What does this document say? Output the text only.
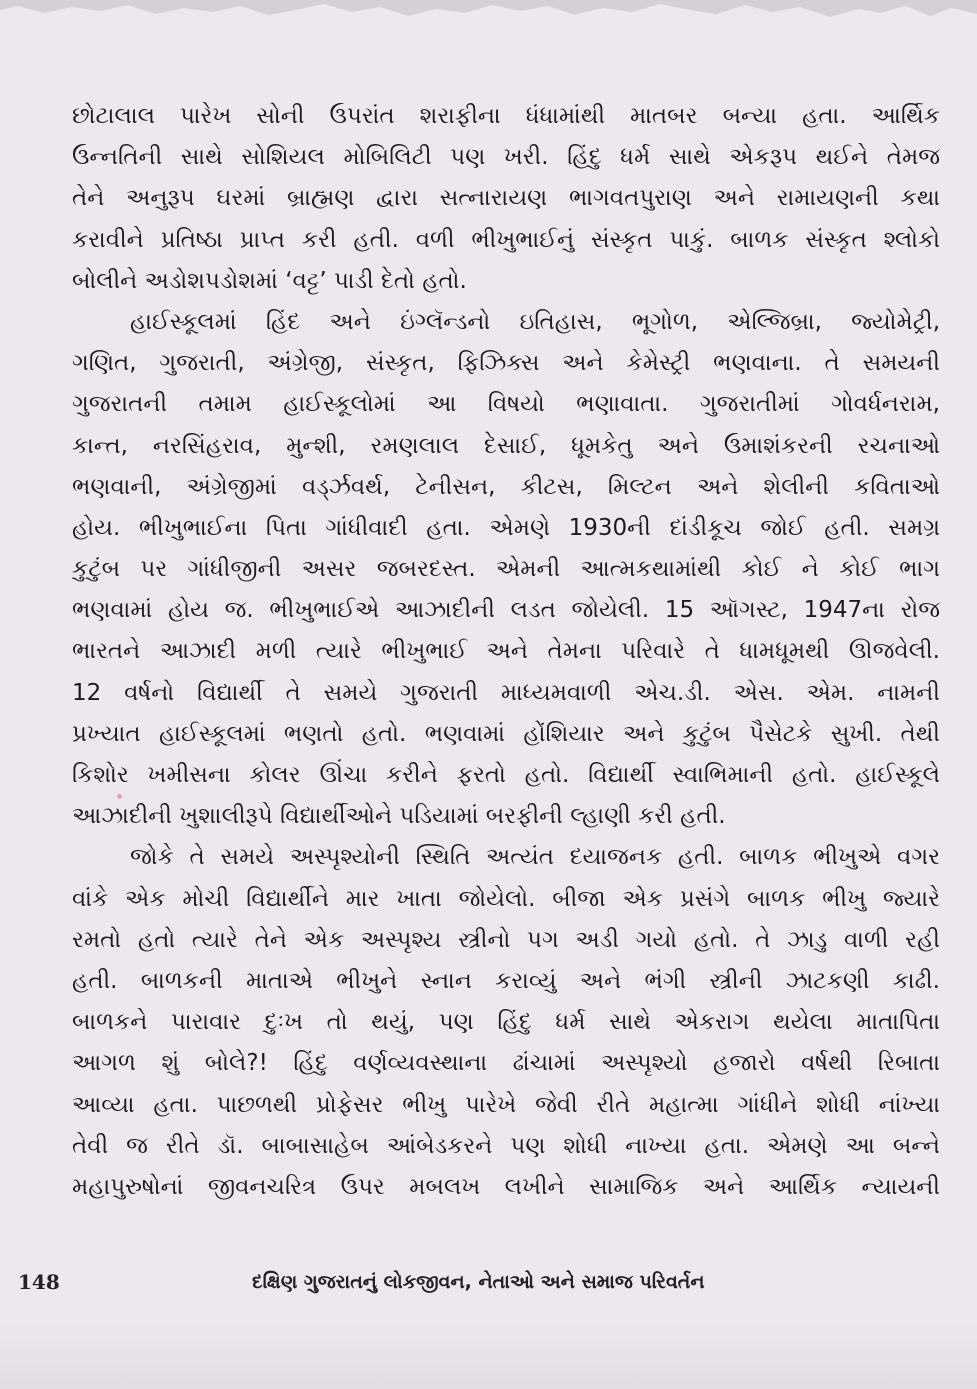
છોટાલાલ પારેખ સોની ઉપરાંત શરાફીના ધંધામાંથી માતબર બન્યા હતા. આર્થિક
ઉન્નતિની સાથે સોશિયલ મોબિલિટી પણ ખરી. હિંદુ ધર્મ સાથે એકરૂપ થઈને તેમજ
તેને અનુરૂપ ઘરમાં બ્રાહ્મણ દ્વારા સત્નારાયણ ભાગવતપુરાણ અને રામાયણની કથા
કરાવીને પ્રતિષ્ઠા પ્રાપ્ત કરી હતી. વળી ભીખુભાઈનું સંસ્કૃત પાકું. બાળક સંસ્કૃત શ્લોકો
બોલીને અડોશપડોશમાં ‘વટ્ટ’ પાડી દેતો હતો.
હાઈસ્કૂલમાં હિંદ અને ઇંગ્લૅન્ડનો ઇતિહાસ, ભૂગોળ, એલ્જિબ્રા, જ્યોમેટ્રી,
ગણિત, ગુજરાતી, અંગ્રેજી, સંસ્કૃત, ફિઝિક્સ અને કેમેસ્ટ્રી ભણવાના. તે સમયની
ગુજરાતની તમામ હાઈસ્કૂલોમાં આ વિષયો ભણાવાતા. ગુજરાતીમાં ગોવર્ધનરામ,
કાન્ત, નરસિંહરાવ, મુન્શી, રમણલાલ દેસાઈ, ધૂમકેતુ અને ઉમાશંકરની રચનાઓ
ભણવાની, અંગ્રેજીમાં વર્ડ્ઝવર્થ, ટેનીસન, કીટસ, મિલ્ટન અને શેલીની કવિતાઓ
હોય. ભીખુભાઈના પિતા ગાંધીવાદી હતા. એમણે 1930ની દાંડીકૂચ જોઈ હતી. સમગ્ર
કુટુંબ પર ગાંધીજીની અસર જબરદસ્ત. એમની આત્મકથામાંથી કોઈ ને કોઈ ભાગ
ભણવામાં હોય જ. ભીખુભાઈએ આઝાદીની લડત જોયેલી. 15 ઑગસ્ટ, 1947ના રોજ
ભારતને આઝાદી મળી ત્યારે ભીખુભાઈ અને તેમના પરિવારે તે ધામધૂમથી ઊજવેલી.
12 વર્ષનો વિદ્યાર્થી તે સમયે ગુજરાતી માધ્યમવાળી એચ.ડી. એસ. એમ. નામની
પ્રખ્યાત હાઈસ્કૂલમાં ભણતો હતો. ભણવામાં હોંશિયાર અને કુટુંબ પૈસેટકે સુખી. તેથી
કિશોર ખમીસના કોલર ઊંચા કરીને ફરતો હતો. વિદ્યાર્થી સ્વાભિમાની હતો. હાઈસ્કૂલે
આઝાદીની ખુશાલીરૂપે વિદ્યાર્થીઓને પડિયામાં બરફીની લ્હાણી કરી હતી.
જોકે તે સમયે અસ્પૃશ્યોની સ્થિતિ અત્યંત દયાજનક હતી. બાળક ભીખુએ વગર
વાંકે એક મોચી વિદ્યાર્થીને માર ખાતા જોયેલો. બીજા એક પ્રસંગે બાળક ભીખુ જ્યારે
રમતો હતો ત્યારે તેને એક અસ્પૃશ્ય સ્ત્રીનો પગ અડી ગયો હતો. તે ઝાડુ વાળી રહી
હતી. બાળકની માતાએ ભીખુને સ્નાન કરાવ્યું અને ભંગી સ્ત્રીની ઝાટકણી કાઢી.
બાળકને પારાવાર દુઃખ તો થયું, પણ હિંદુ ધર્મ સાથે એકરાગ થયેલા માતાપિતા
આગળ શું બોલે?! હિંદુ વર્ણવ્યવસ્થાના ઢાંચામાં અસ્પૃશ્યો હજારો વર્ષથી રિબાતા
આવ્યા હતા. પાછળથી પ્રોફેસર ભીખુ પારેખે જેવી રીતે મહાત્મા ગાંધીને શોધી નાંખ્યા
તેવી જ રીતે ડૉ. બાબાસાહેબ આંબેડકરને પણ શોધી નાખ્યા હતા. એમણે આ બન્ને
મહાપુરુષોનાં જીવનચરિત્ર ઉપર મબલખ લખીને સામાજિક અને આર્થિક ન્યાયની
148	દક્ષિણ ગુજરાતનું લોકજીવન, નેતાઓ અને સમાજ પરિવર્તન
